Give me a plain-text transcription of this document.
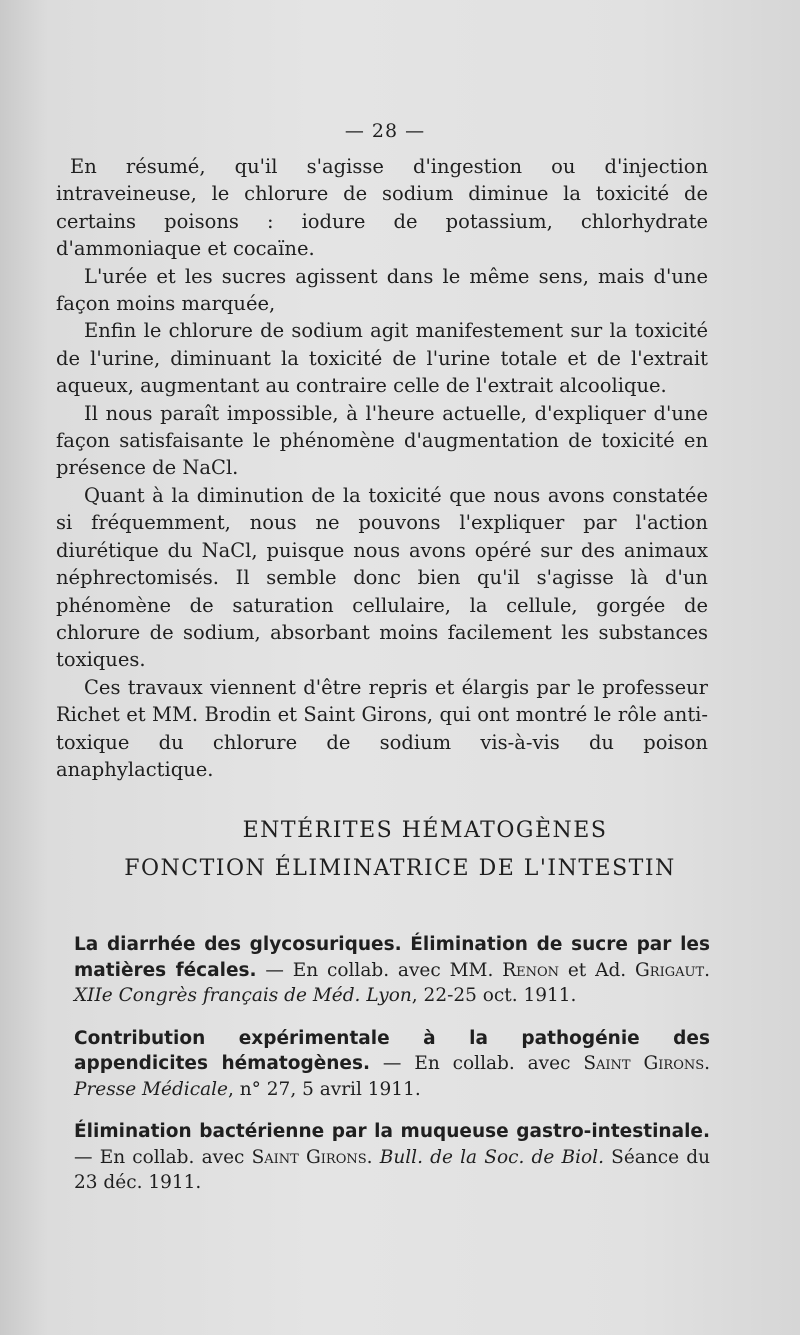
— 28 —

En résumé, qu'il s'agisse d'ingestion ou d'injection intraveineuse, le chlorure de sodium diminue la toxicité de certains poisons : iodure de potassium, chlorhydrate d'ammoniaque et cocaïne.

L'urée et les sucres agissent dans le même sens, mais d'une façon moins marquée,

Enfin le chlorure de sodium agit manifestement sur la toxicité de l'urine, diminuant la toxicité de l'urine totale et de l'extrait aqueux, augmentant au contraire celle de l'extrait alcoolique.

Il nous paraît impossible, à l'heure actuelle, d'expliquer d'une façon satisfaisante le phénomène d'augmentation de toxicité en présence de NaCl.

Quant à la diminution de la toxicité que nous avons constatée si fréquemment, nous ne pouvons l'expliquer par l'action diurétique du NaCl, puisque nous avons opéré sur des animaux néphrectomisés. Il semble donc bien qu'il s'agisse là d'un phénomène de saturation cellulaire, la cellule, gorgée de chlorure de sodium, absorbant moins facilement les substances toxiques.

Ces travaux viennent d'être repris et élargis par le professeur Richet et MM. Brodin et Saint Girons, qui ont montré le rôle anti-toxique du chlorure de sodium vis-à-vis du poison anaphylactique.

ENTÉRITES HÉMATOGÈNES
FONCTION ÉLIMINATRICE DE L'INTESTIN

La diarrhée des glycosuriques. Élimination de sucre par les matières fécales. — En collab. avec MM. Renon et Ad. Grigaut. XIIe Congrès français de Méd. Lyon, 22-25 oct. 1911.

Contribution expérimentale à la pathogénie des appendicites hématogènes. — En collab. avec Saint Girons. Presse Médicale, n° 27, 5 avril 1911.

Élimination bactérienne par la muqueuse gastro-intestinale. — En collab. avec Saint Girons. Bull. de la Soc. de Biol. Séance du 23 déc. 1911.
